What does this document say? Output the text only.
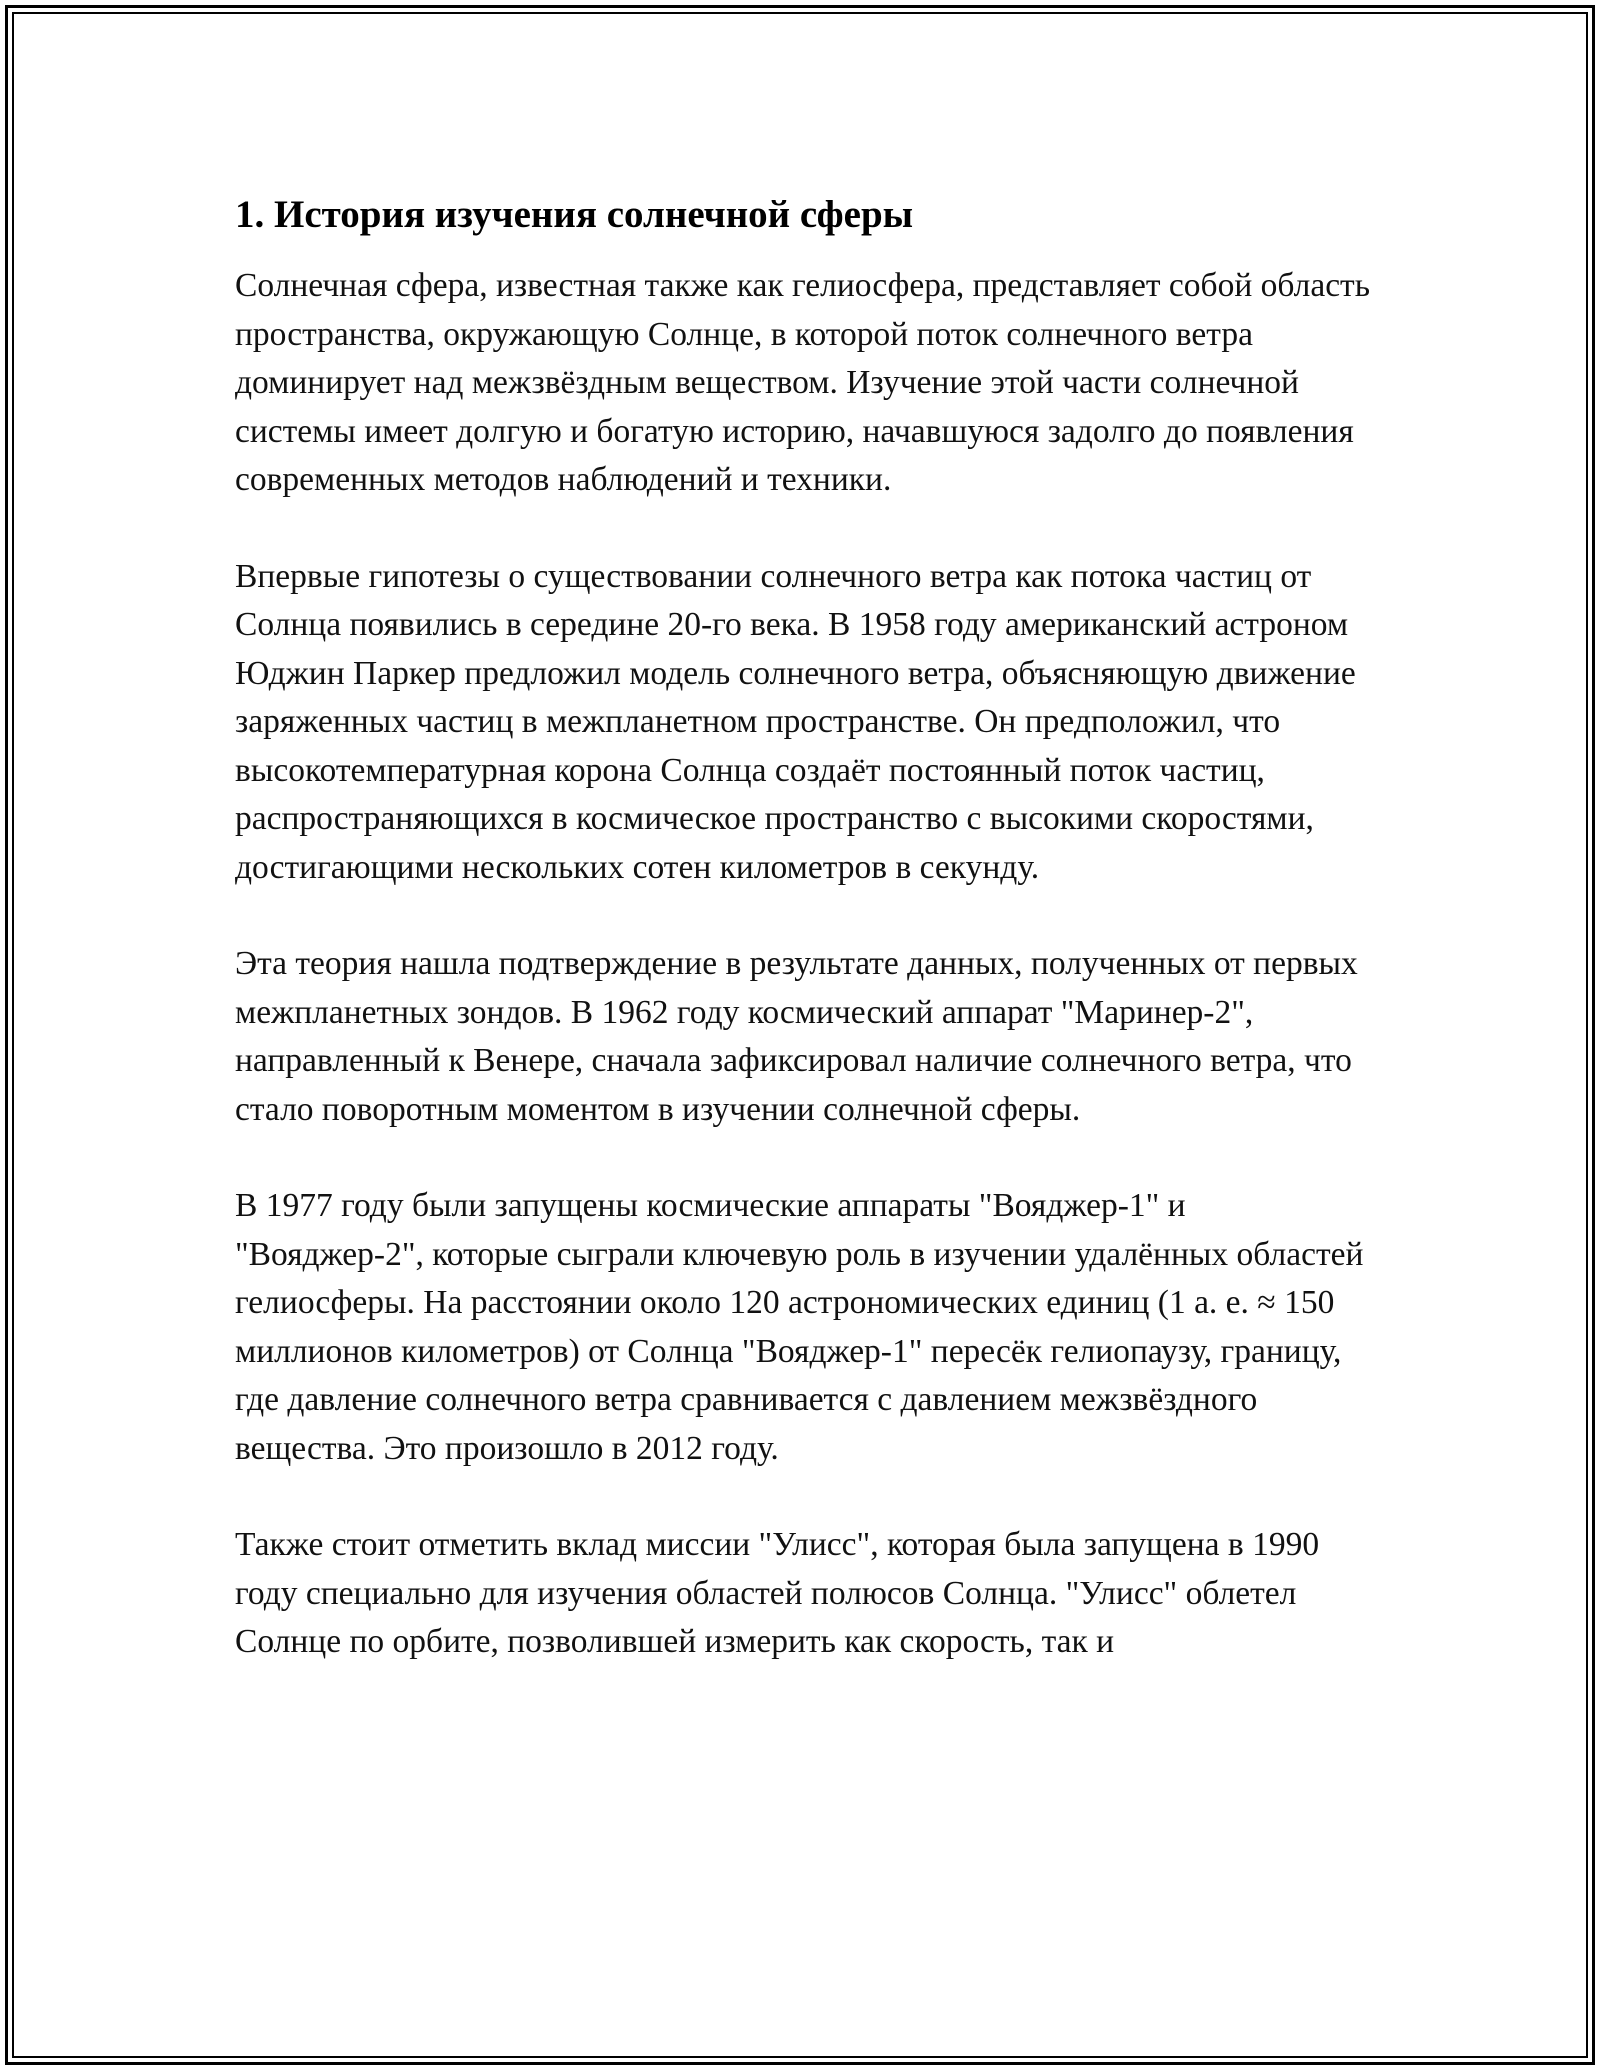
1. История изучения солнечной сферы

Солнечная сфера, известная также как гелиосфера, представляет собой область пространства, окружающую Солнце, в которой поток солнечного ветра доминирует над межзвёздным веществом. Изучение этой части солнечной системы имеет долгую и богатую историю, начавшуюся задолго до появления современных методов наблюдений и техники.

Впервые гипотезы о существовании солнечного ветра как потока частиц от Солнца появились в середине 20-го века. В 1958 году американский астроном Юджин Паркер предложил модель солнечного ветра, объясняющую движение заряженных частиц в межпланетном пространстве. Он предположил, что высокотемпературная корона Солнца создаёт постоянный поток частиц, распространяющихся в космическое пространство с высокими скоростями, достигающими нескольких сотен километров в секунду.

Эта теория нашла подтверждение в результате данных, полученных от первых межпланетных зондов. В 1962 году космический аппарат "Маринер-2", направленный к Венере, сначала зафиксировал наличие солнечного ветра, что стало поворотным моментом в изучении солнечной сферы.

В 1977 году были запущены космические аппараты "Вояджер-1" и "Вояджер-2", которые сыграли ключевую роль в изучении удалённых областей гелиосферы. На расстоянии около 120 астрономических единиц (1 а. е. ≈ 150 миллионов километров) от Солнца "Вояджер-1" пересёк гелиопаузу, границу, где давление солнечного ветра сравнивается с давлением межзвёздного вещества. Это произошло в 2012 году.

Также стоит отметить вклад миссии "Улисс", которая была запущена в 1990 году специально для изучения областей полюсов Солнца. "Улисс" облетел Солнце по орбите, позволившей измерить как скорость, так и
